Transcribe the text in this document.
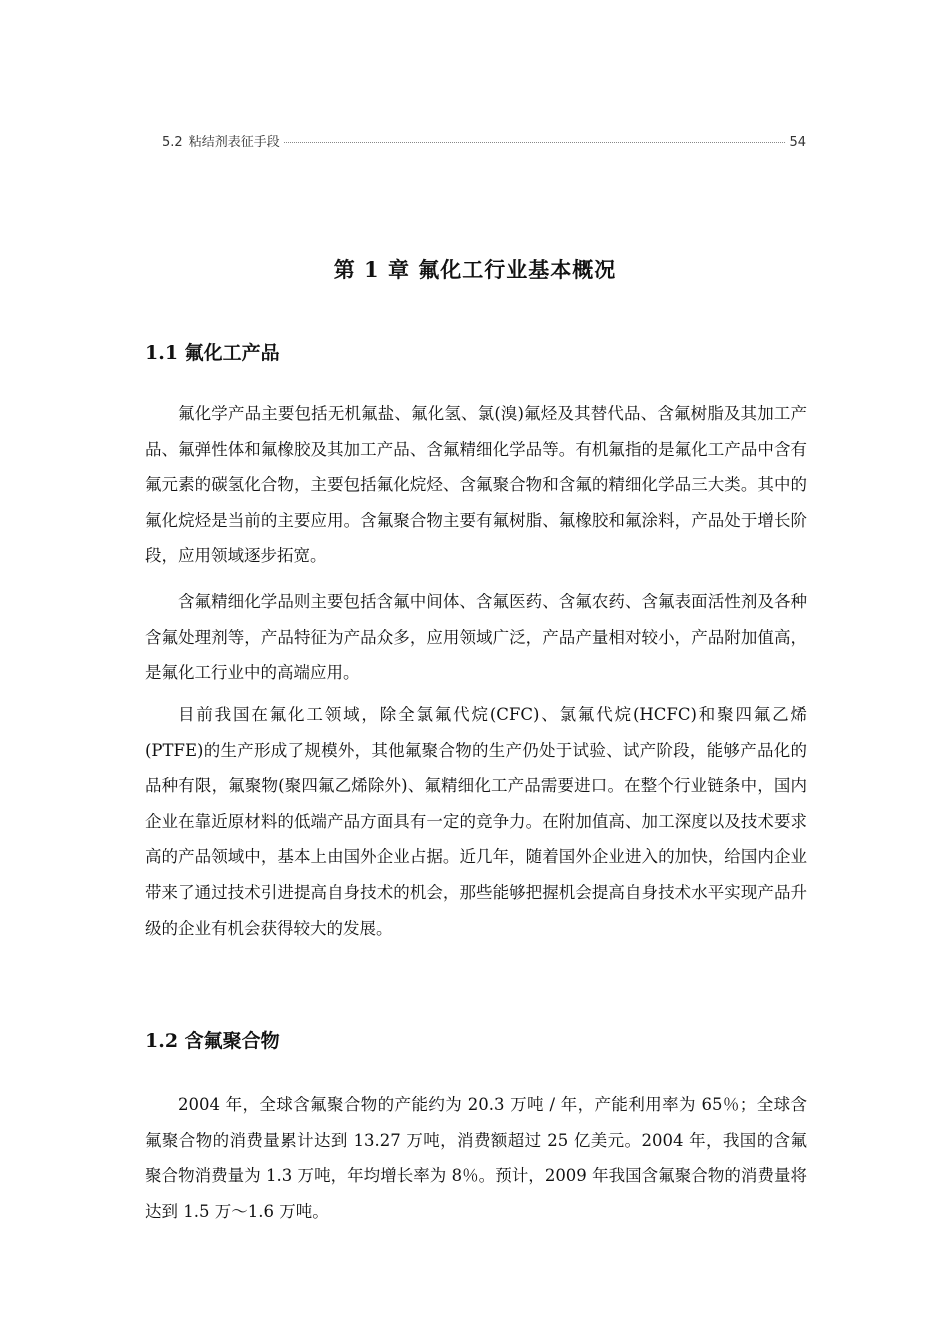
5.2 粘结剂表征手段	54
第 1 章 氟化工行业基本概况
1.1 氟化工产品

氟化学产品主要包括无机氟盐、氟化氢、氯(溴)氟烃及其替代品、含氟树脂及其加工产品、氟弹性体和氟橡胶及其加工产品、含氟精细化学品等。有机氟指的是氟化工产品中含有氟元素的碳氢化合物，主要包括氟化烷烃、含氟聚合物和含氟的精细化学品三大类。其中的氟化烷烃是当前的主要应用。含氟聚合物主要有氟树脂、氟橡胶和氟涂料，产品处于增长阶段，应用领域逐步拓宽。

含氟精细化学品则主要包括含氟中间体、含氟医药、含氟农药、含氟表面活性剂及各种含氟处理剂等，产品特征为产品众多，应用领域广泛，产品产量相对较小，产品附加值高，是氟化工行业中的高端应用。

目前我国在氟化工领域，除全氯氟代烷(CFC)、氯氟代烷(HCFC)和聚四氟乙烯(PTFE)的生产形成了规模外，其他氟聚合物的生产仍处于试验、试产阶段，能够产品化的品种有限，氟聚物(聚四氟乙烯除外)、氟精细化工产品需要进口。在整个行业链条中，国内企业在靠近原材料的低端产品方面具有一定的竞争力。在附加值高、加工深度以及技术要求高的产品领域中，基本上由国外企业占据。近几年，随着国外企业进入的加快，给国内企业带来了通过技术引进提高自身技术的机会，那些能够把握机会提高自身技术水平实现产品升级的企业有机会获得较大的发展。

1.2 含氟聚合物

2004 年，全球含氟聚合物的产能约为 20.3 万吨 / 年，产能利用率为 65％；全球含氟聚合物的消费量累计达到 13.27 万吨，消费额超过 25 亿美元。2004 年，我国的含氟聚合物消费量为 1.3 万吨，年均增长率为 8％。预计，2009 年我国含氟聚合物的消费量将达到 1.5 万～1.6 万吨。
